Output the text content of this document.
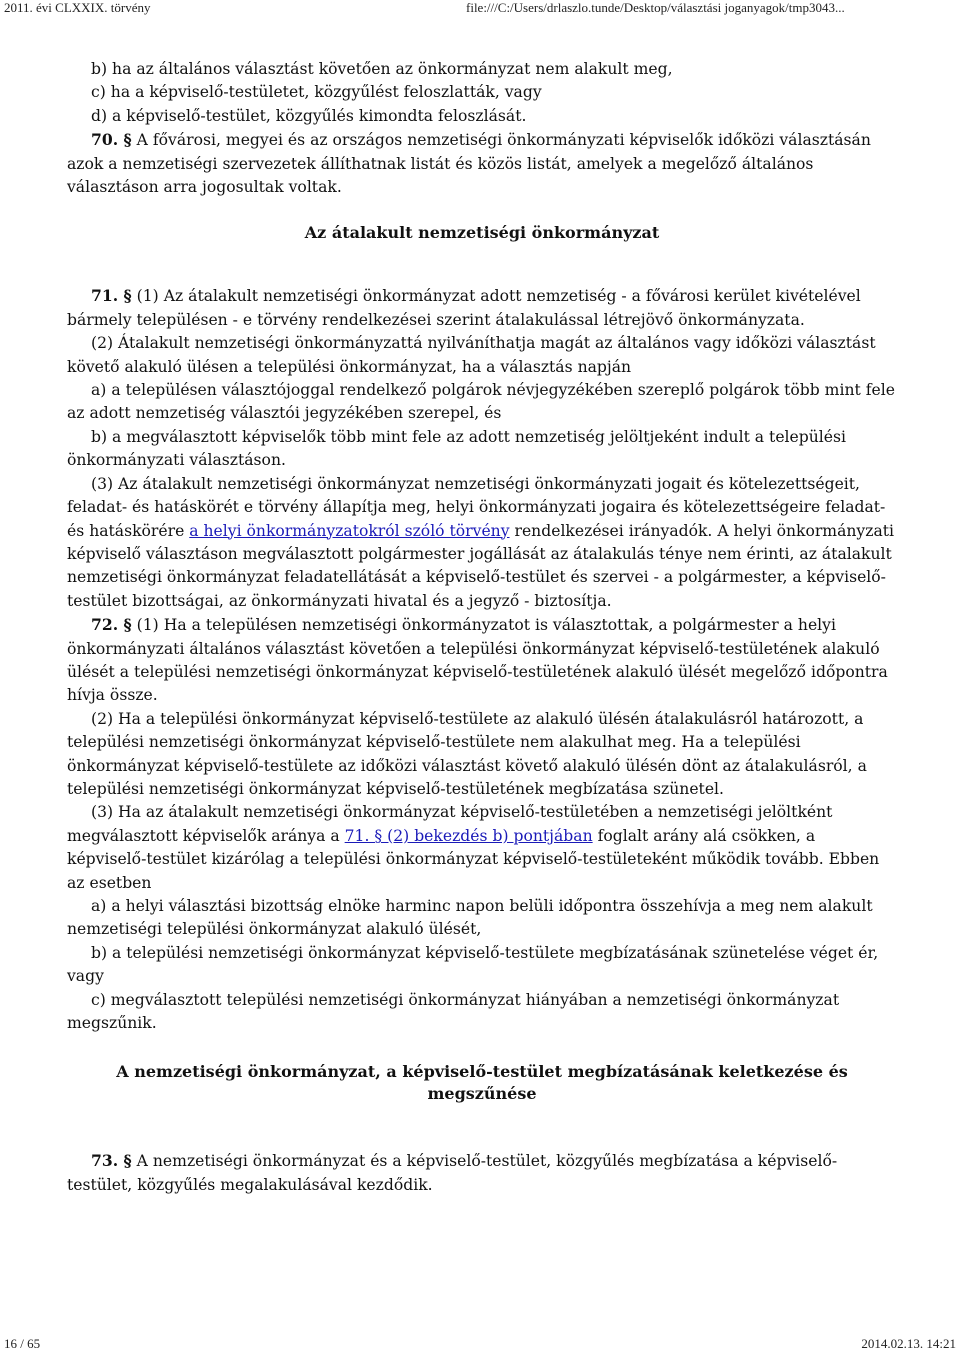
2011. évi CLXXIX. törvény	file:///C:/Users/drlaszlo.tunde/Desktop/választási joganyagok/tmp3043...

b) ha az általános választást követően az önkormányzat nem alakult meg,

c) ha a képviselő-testületet, közgyűlést feloszlatták, vagy

d) a képviselő-testület, közgyűlés kimondta feloszlását.

70. § A fővárosi, megyei és az országos nemzetiségi önkormányzati képviselők időközi választásán azok a nemzetiségi szervezetek állíthatnak listát és közös listát, amelyek a megelőző általános választáson arra jogosultak voltak.

Az átalakult nemzetiségi önkormányzat

71. § (1) Az átalakult nemzetiségi önkormányzat adott nemzetiség - a fővárosi kerület kivételével bármely településen - e törvény rendelkezései szerint átalakulással létrejövő önkormányzata.

(2) Átalakult nemzetiségi önkormányzattá nyilváníthatja magát az általános vagy időközi választást követő alakuló ülésen a települési önkormányzat, ha a választás napján

a) a településen választójoggal rendelkező polgárok névjegyzékében szereplő polgárok több mint fele az adott nemzetiség választói jegyzékében szerepel, és

b) a megválasztott képviselők több mint fele az adott nemzetiség jelöltjeként indult a települési önkormányzati választáson.

(3) Az átalakult nemzetiségi önkormányzat nemzetiségi önkormányzati jogait és kötelezettségeit, feladat- és hatáskörét e törvény állapítja meg, helyi önkormányzati jogaira és kötelezettségeire feladat- és hatáskörére a helyi önkormányzatokról szóló törvény rendelkezései irányadók. A helyi önkormányzati képviselő választáson megválasztott polgármester jogállását az átalakulás ténye nem érinti, az átalakult nemzetiségi önkormányzat feladatellátását a képviselő-testület és szervei - a polgármester, a képviselő-testület bizottságai, az önkormányzati hivatal és a jegyző - biztosítja.

72. § (1) Ha a településen nemzetiségi önkormányzatot is választottak, a polgármester a helyi önkormányzati általános választást követően a települési önkormányzat képviselő-testületének alakuló ülését a települési nemzetiségi önkormányzat képviselő-testületének alakuló ülését megelőző időpontra hívja össze.

(2) Ha a települési önkormányzat képviselő-testülete az alakuló ülésén átalakulásról határozott, a települési nemzetiségi önkormányzat képviselő-testülete nem alakulhat meg. Ha a települési önkormányzat képviselő-testülete az időközi választást követő alakuló ülésén dönt az átalakulásról, a települési nemzetiségi önkormányzat képviselő-testületének megbízatása szünetel.

(3) Ha az átalakult nemzetiségi önkormányzat képviselő-testületében a nemzetiségi jelöltként megválasztott képviselők aránya a 71. § (2) bekezdés b) pontjában foglalt arány alá csökken, a képviselő-testület kizárólag a települési önkormányzat képviselő-testületeként működik tovább. Ebben az esetben

a) a helyi választási bizottság elnöke harminc napon belüli időpontra összehívja a meg nem alakult nemzetiségi települési önkormányzat alakuló ülését,

b) a települési nemzetiségi önkormányzat képviselő-testülete megbízatásának szünetelése véget ér, vagy

c) megválasztott települési nemzetiségi önkormányzat hiányában a nemzetiségi önkormányzat megszűnik.

A nemzetiségi önkormányzat, a képviselő-testület megbízatásának keletkezése és megszűnése

73. § A nemzetiségi önkormányzat és a képviselő-testület, közgyűlés megbízatása a képviselő-testület, közgyűlés megalakulásával kezdődik.

16 / 65	2014.02.13. 14:21
